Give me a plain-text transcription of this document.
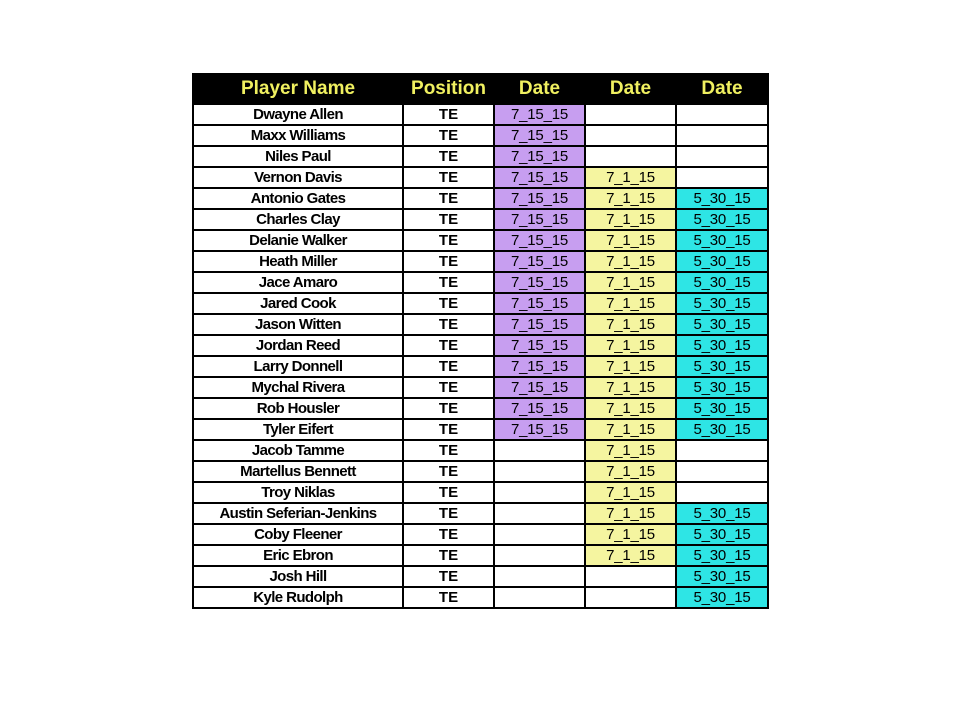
Player Name	Position	Date	Date	Date
Dwayne Allen	TE	7_15_15		
Maxx Williams	TE	7_15_15		
Niles Paul	TE	7_15_15		
Vernon Davis	TE	7_15_15	7_1_15	
Antonio Gates	TE	7_15_15	7_1_15	5_30_15
Charles Clay	TE	7_15_15	7_1_15	5_30_15
Delanie Walker	TE	7_15_15	7_1_15	5_30_15
Heath Miller	TE	7_15_15	7_1_15	5_30_15
Jace Amaro	TE	7_15_15	7_1_15	5_30_15
Jared Cook	TE	7_15_15	7_1_15	5_30_15
Jason Witten	TE	7_15_15	7_1_15	5_30_15
Jordan Reed	TE	7_15_15	7_1_15	5_30_15
Larry Donnell	TE	7_15_15	7_1_15	5_30_15
Mychal Rivera	TE	7_15_15	7_1_15	5_30_15
Rob Housler	TE	7_15_15	7_1_15	5_30_15
Tyler Eifert	TE	7_15_15	7_1_15	5_30_15
Jacob Tamme	TE		7_1_15	
Martellus Bennett	TE		7_1_15	
Troy Niklas	TE		7_1_15	
Austin Seferian-Jenkins	TE		7_1_15	5_30_15
Coby Fleener	TE		7_1_15	5_30_15
Eric Ebron	TE		7_1_15	5_30_15
Josh Hill	TE			5_30_15
Kyle Rudolph	TE			5_30_15
